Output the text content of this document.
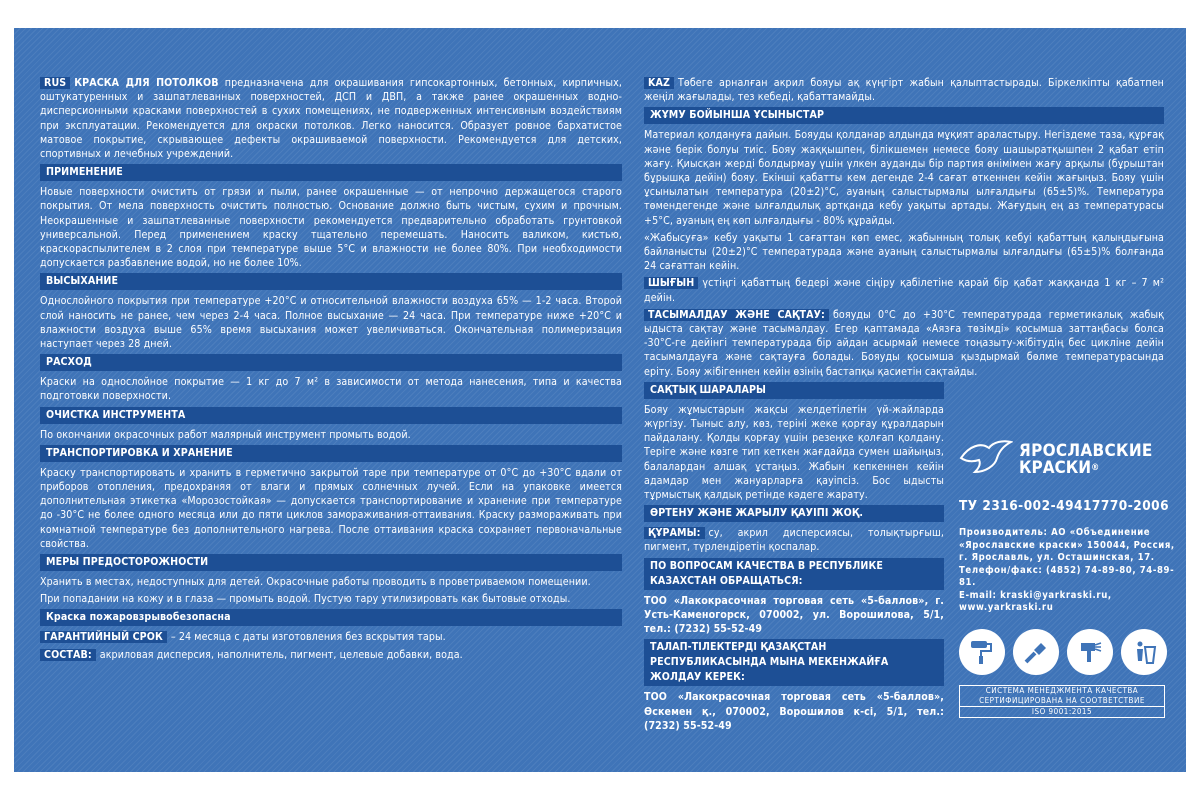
RUS КРАСКА ДЛЯ ПОТОЛКОВ предназначена для окрашивания гипсокартонных, бетонных, кирпичных, оштукатуренных и зашпатлеванных поверхностей, ДСП и ДВП, а также ранее окрашенных водно-дисперсионными красками поверхностей в сухих помещениях, не подверженных интенсивным воздействиям при эксплуатации. Рекомендуется для окраски потолков. Легко наносится. Образует ровное бархатистое матовое покрытие, скрывающее дефекты окрашиваемой поверхности. Рекомендуется для детских, спортивных и лечебных учреждений.

ПРИМЕНЕНИЕ

Новые поверхности очистить от грязи и пыли, ранее окрашенные — от непрочно держащегося старого покрытия. От мела поверхность очистить полностью. Основание должно быть чистым, сухим и прочным. Неокрашенные и зашпатлеванные поверхности рекомендуется предварительно обработать грунтовкой универсальной. Перед применением краску тщательно перемешать. Наносить валиком, кистью, краскораспылителем в 2 слоя при температуре выше 5°С и влажности не более 80%. При необходимости допускается разбавление водой, но не более 10%.

ВЫСЫХАНИЕ

Однослойного покрытия при температуре +20°С и относительной влажности воздуха 65% — 1-2 часа. Второй слой наносить не ранее, чем через 2-4 часа. Полное высыхание — 24 часа. При температуре ниже +20°С и влажности воздуха выше 65% время высыхания может увеличиваться. Окончательная полимеризация наступает через 28 дней.

РАСХОД

Краски на однослойное покрытие — 1 кг до 7 м² в зависимости от метода нанесения, типа и качества подготовки поверхности.

ОЧИСТКА ИНСТРУМЕНТА

По окончании окрасочных работ малярный инструмент промыть водой.

ТРАНСПОРТИРОВКА И ХРАНЕНИЕ

Краску транспортировать и хранить в герметично закрытой таре при температуре от 0°С до +30°С вдали от приборов отопления, предохраняя от влаги и прямых солнечных лучей. Если на упаковке имеется дополнительная этикетка «Морозостойкая» — допускается транспортирование и хранение при температуре до -30°С не более одного месяца или до пяти циклов замораживания-оттаивания. Краску размораживать при комнатной температуре без дополнительного нагрева. После оттаивания краска сохраняет первоначальные свойства.

МЕРЫ ПРЕДОСТОРОЖНОСТИ

Хранить в местах, недоступных для детей. Окрасочные работы проводить в проветриваемом помещении.

При попадании на кожу и в глаза — промыть водой. Пустую тару утилизировать как бытовые отходы.

Краска пожаровзрывобезопасна

ГАРАНТИЙНЫЙ СРОК – 24 месяца с даты изготовления без вскрытия тары.

СОСТАВ: акриловая дисперсия, наполнитель, пигмент, целевые добавки, вода.

KAZ Төбеге арналған акрил бояуы ақ күңгірт жабын қалыптастырады. Біркелкіпты қабатпен жеңіл жағылады, тез кебеді, қабаттамайды.

ЖҰМУ БОЙЫНША ҰСЫНЫСТАР

Материал қолдануға дайын. Бояуды қолданар алдында мұқият араластыру. Негіздеме таза, құрғақ және берік болуы тиіс. Бояу жаққышпен, білікшемен немесе бояу шашыратқышпен 2 қабат етіп жағу. Қиысқан жерді болдырмау үшін үлкен ауданды бір партия өнімімен жағу арқылы (бұрыштан бұрышқа дейін) бояу. Екінші қабатты кем дегенде 2-4 сағат өткеннен кейін жағыңыз. Бояу үшін ұсынылатын температура (20±2)°С, ауаның салыстырмалы ылғалдығы (65±5)%. Температура төмендегенде және ылғалдылық артқанда кебу уақыты артады. Жағудың ең аз температурасы +5°С, ауаның ең көп ылғалдығы - 80% құрайды.

«Жабысуға» кебу уақыты 1 сағаттан көп емес, жабынның толық кебуі қабаттың қалыңдығына байланысты (20±2)°С температурада және ауаның салыстырмалы ылғалдығы (65±5)% болғанда 24 сағаттан кейін.

ШЫҒЫН үстіңгі қабаттың бедері және сіңіру қабілетіне қарай бір қабат жаққанда 1 кг – 7 м² дейін.

ТАСЫМАЛДАУ ЖӘНЕ САҚТАУ: бояуды 0°С до +30°С температурада герметикалық жабық ыдыста сақтау және тасымалдау. Егер қаптамада «Аязға төзімді» қосымша заттаңбасы болса -30°С-ге дейінгі температурада бір айдан асырмай немесе тоңазыту-жібітудің бес цикліне дейін тасымалдауға және сақтауға болады. Бояуды қосымша қыздырмай бөлме температурасында еріту. Бояу жібігеннен кейін өзінің бастапқы қасиетін сақтайды.

САҚТЫҚ ШАРАЛАРЫ

Бояу жұмыстарын жақсы желдетілетін үй-жайларда жүргізу. Тыныс алу, көз, терінi жеке қорғау құралдарын пайдалану. Қолды қорғау үшін резеңке қолғап қолдану. Теріге және көзге тип кеткен жағдайда сумен шайыңыз, балалардан алшақ ұстаңыз. Жабын кепкеннен кейін адамдар мен жануарларға қауіпсіз. Бос ыдысты тұрмыстық қалдық ретінде кәдеге жарату.

ӨРТЕНУ ЖӘНЕ ЖАРЫЛУ ҚАУІПІ ЖОҚ.

ҚҰРАМЫ: су, акрил дисперсиясы, толықтырғыш, пигмент, түрлендіретін қоспалар.

ПО ВОПРОСАМ КАЧЕСТВА В РЕСПУБЛИКЕ КАЗАХСТАН ОБРАЩАТЬСЯ:

ТОО «Лакокрасочная торговая сеть «5-баллов», г. Усть-Каменогорск, 070002, ул. Ворошилова, 5/1, тел.: (7232) 55-52-49

ТАЛАП-ТІЛЕКТЕРДІ ҚАЗАҚСТАН РЕСПУБЛИКАСЫНДА МЫНА МЕКЕНЖАЙҒА ЖОЛДАУ КЕРЕК:

ТОО «Лакокрасочная торговая сеть «5-баллов», Өскемен қ., 070002, Ворошилов к-сі, 5/1, тел.: (7232) 55-52-49

ЯРОСЛАВСКИЕ
КРАСКИ®
ТУ 2316-002-49417770-2006
Производитель: АО «Объединение
«Ярославские краски» 150044, Россия,
г. Ярославль, ул. Осташинская, 17.
Телефон/факс: (4852) 74-89-80, 74-89-81.
E-mail: kraski@yarkraski.ru,
www.yarkraski.ru
СИСТЕМА МЕНЕДЖМЕНТА КАЧЕСТВА
СЕРТИФИЦИРОВАНА НА СООТВЕТСТВИЕ
ISO 9001:2015
